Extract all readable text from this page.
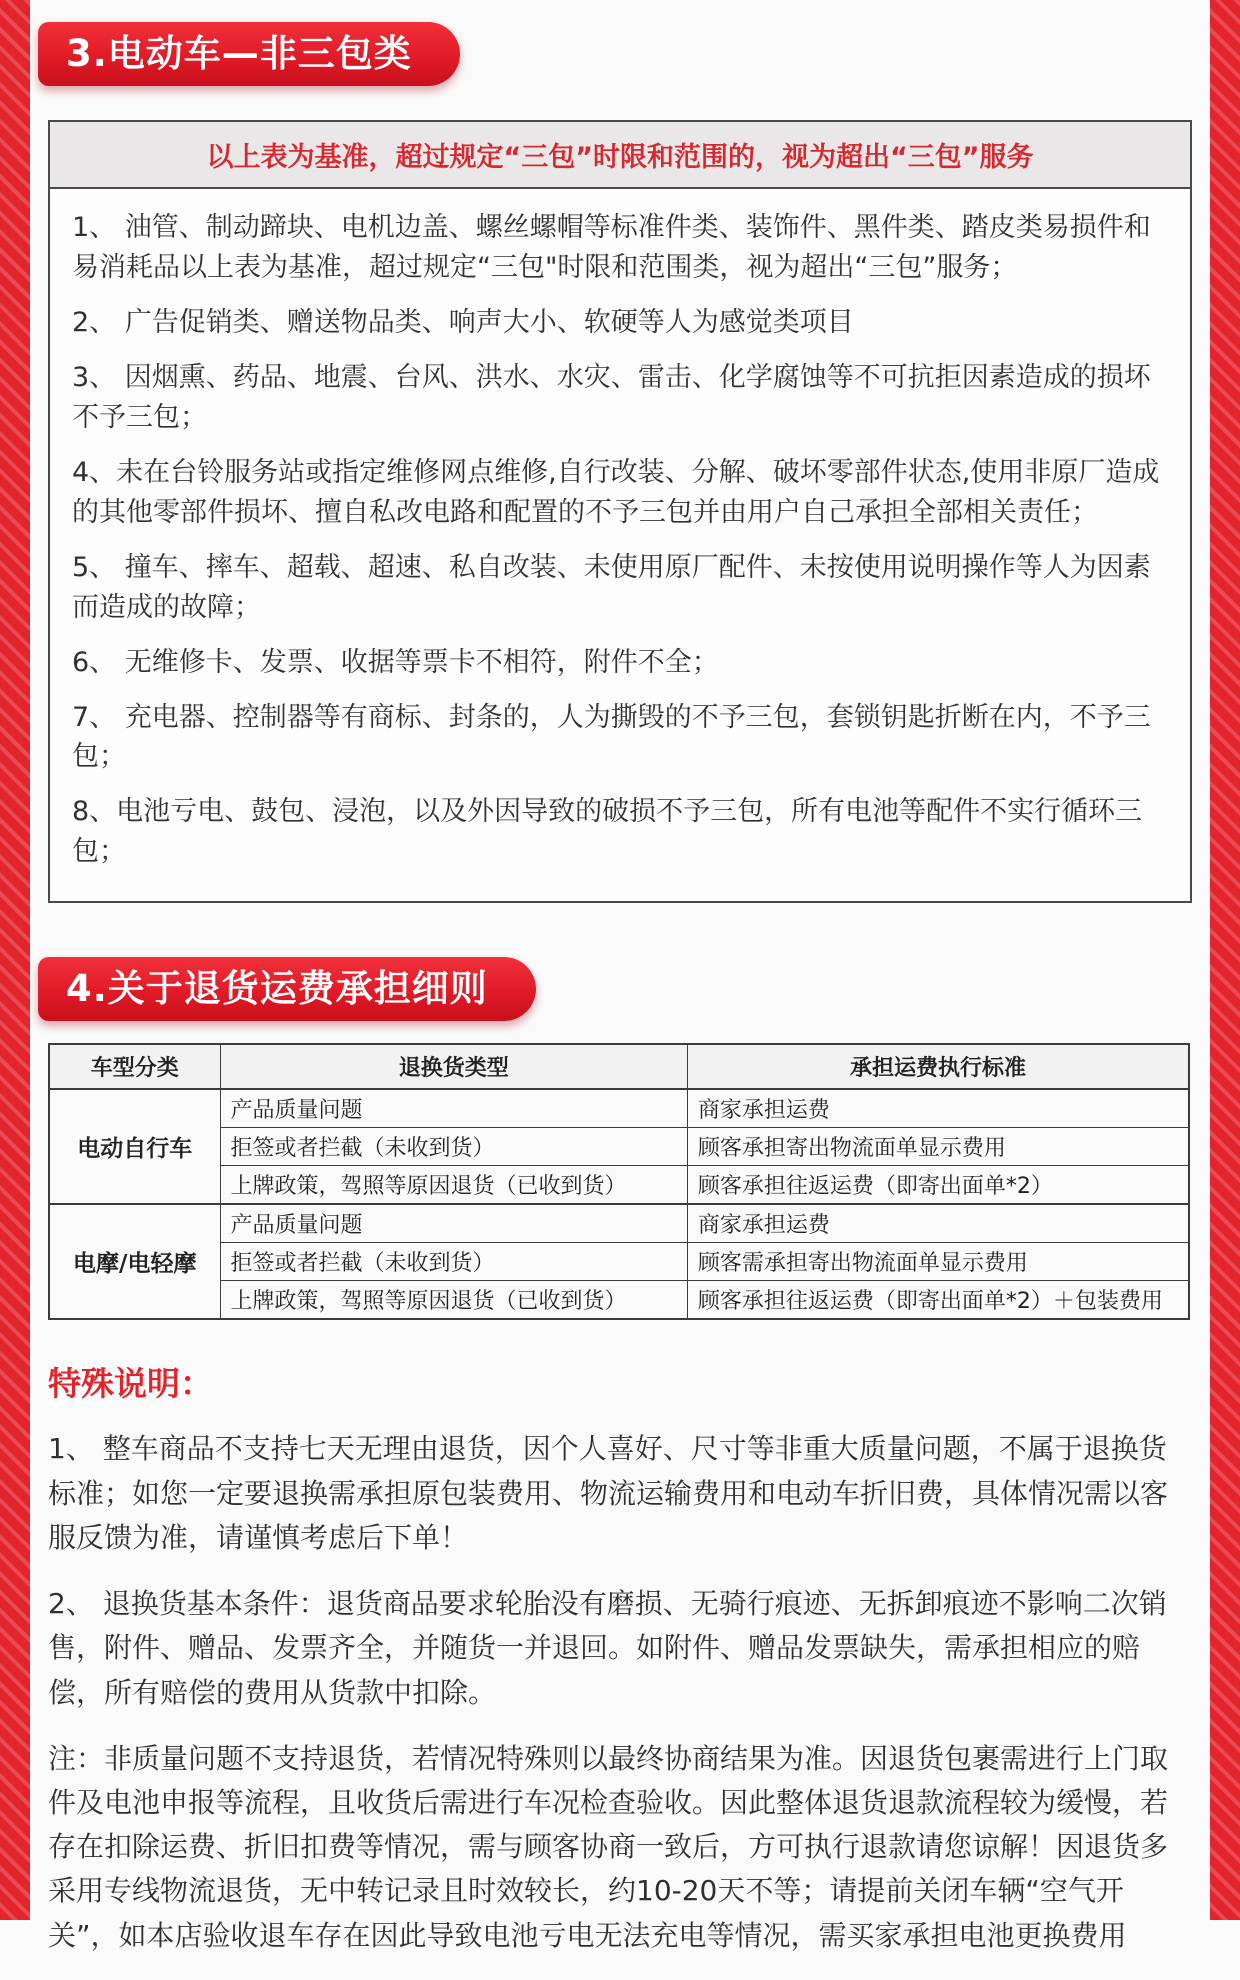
3.电动车—非三包类
以上表为基准，超过规定“三包”时限和范围的，视为超出“三包”服务

1、 油管、制动蹄块、电机边盖、螺丝螺帽等标准件类、装饰件、黑件类、踏皮类易损件和易消耗品以上表为基准，超过规定“三包"时限和范围类，视为超出“三包”服务；

2、 广告促销类、赠送物品类、响声大小、软硬等人为感觉类项目

3、 因烟熏、药品、地震、台风、洪水、水灾、雷击、化学腐蚀等不可抗拒因素造成的损坏不予三包；

4、未在台铃服务站或指定维修网点维修,自行改装、分解、破坏零部件状态,使用非原厂造成的其他零部件损坏、擅自私改电路和配置的不予三包并由用户自己承担全部相关责任；

5、 撞车、摔车、超载、超速、私自改装、未使用原厂配件、未按使用说明操作等人为因素而造成的故障；

6、 无维修卡、发票、收据等票卡不相符，附件不全；

7、 充电器、控制器等有商标、封条的，人为撕毁的不予三包，套锁钥匙折断在内，不予三包；

8、电池亏电、鼓包、浸泡，以及外因导致的破损不予三包，所有电池等配件不实行循环三包；

4.关于退货运费承担细则
车型分类	退换货类型	承担运费执行标准
电动自行车	产品质量问题	商家承担运费
	拒签或者拦截（未收到货）	顾客承担寄出物流面单显示费用
	上牌政策，驾照等原因退货（已收到货）	顾客承担往返运费（即寄出面单*2）
电摩/电轻摩	产品质量问题	商家承担运费
	拒签或者拦截（未收到货）	顾客需承担寄出物流面单显示费用
	上牌政策，驾照等原因退货（已收到货）	顾客承担往返运费（即寄出面单*2）＋包装费用
特殊说明：

1、 整车商品不支持七天无理由退货，因个人喜好、尺寸等非重大质量问题，不属于退换货标准；如您一定要退换需承担原包装费用、物流运输费用和电动车折旧费，具体情况需以客服反馈为准，请谨慎考虑后下单！

2、 退换货基本条件：退货商品要求轮胎没有磨损、无骑行痕迹、无拆卸痕迹不影响二次销售，附件、赠品、发票齐全，并随货一并退回。如附件、赠品发票缺失，需承担相应的赔偿，所有赔偿的费用从货款中扣除。

注：非质量问题不支持退货，若情况特殊则以最终协商结果为准。因退货包裹需进行上门取件及电池申报等流程，且收货后需进行车况检查验收。因此整体退货退款流程较为缓慢，若存在扣除运费、折旧扣费等情况，需与顾客协商一致后，方可执行退款请您谅解！因退货多采用专线物流退货，无中转记录且时效较长，约10-20天不等；请提前关闭车辆“空气开关”，如本店验收退车存在因此导致电池亏电无法充电等情况，需买家承担电池更换费用
